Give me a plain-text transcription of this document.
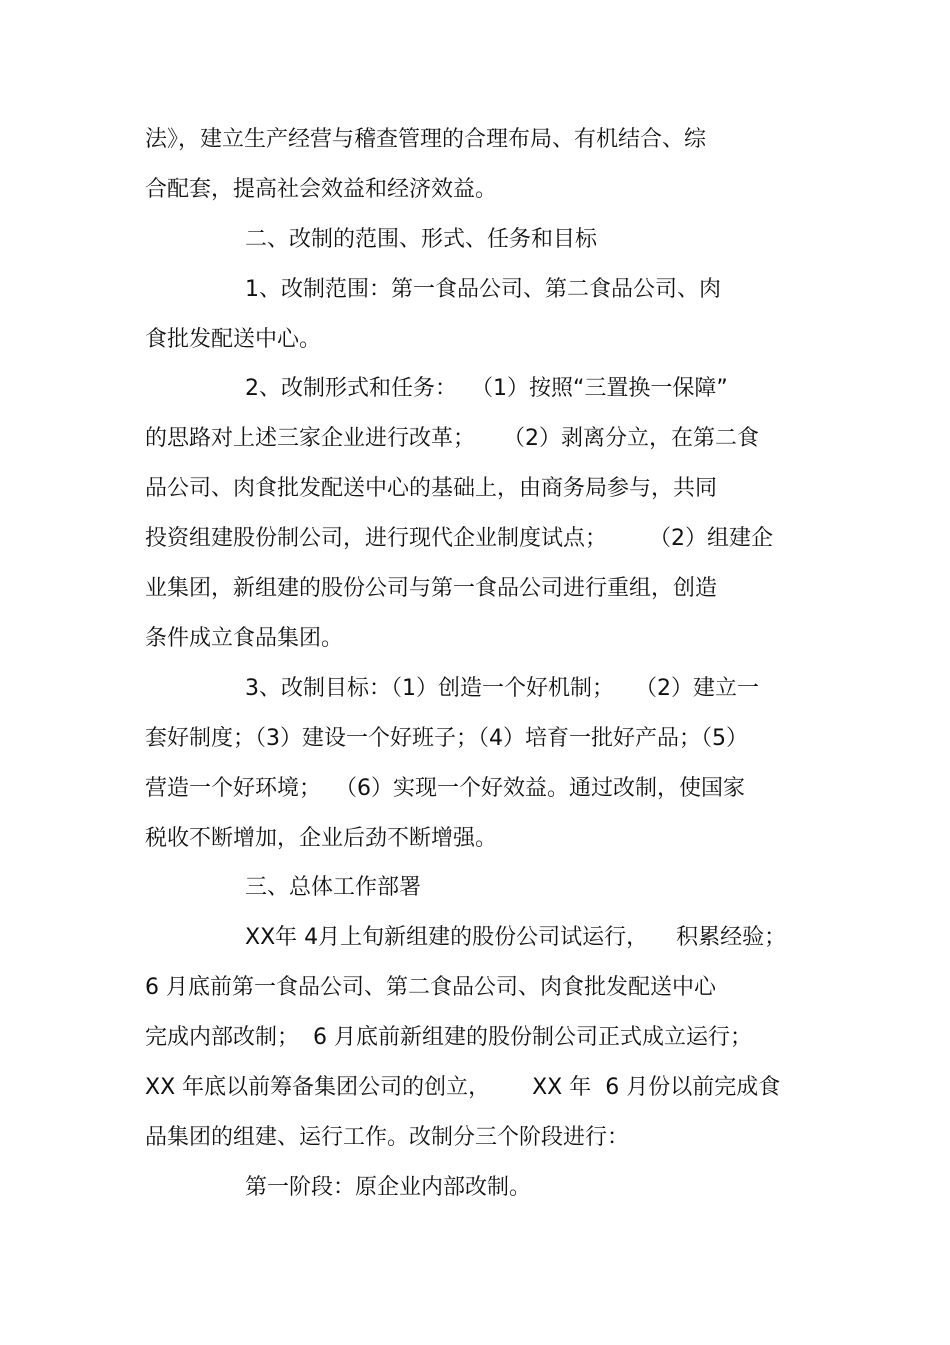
法》，建立生产经营与稽查管理的合理布局、有机结合、综
合配套，提高社会效益和经济效益。
二、改制的范围、形式、任务和目标
1、改制范围：第一食品公司、第二食品公司、肉
食批发配送中心。
2、改制形式和任务：  （1）按照“三置换一保障”
的思路对上述三家企业进行改革；    （2）剥离分立，在第二食
品公司、肉食批发配送中心的基础上，由商务局参与，共同
投资组建股份制公司，进行现代企业制度试点；      （2）组建企
业集团，新组建的股份公司与第一食品公司进行重组，创造
条件成立食品集团。
3、改制目标：（1）创造一个好机制；   （2）建立一
套好制度；（3）建设一个好班子；（4）培育一批好产品；（5）
营造一个好环境；  （6）实现一个好效益。通过改制，使国家
税收不断增加，企业后劲不断增强。
三、总体工作部署
XX年 4月上旬新组建的股份公司试运行，    积累经验；
6 月底前第一食品公司、第二食品公司、肉食批发配送中心
完成内部改制；  6 月底前新组建的股份制公司正式成立运行；
XX 年底以前筹备集团公司的创立，      XX 年  6 月份以前完成食
品集团的组建、运行工作。改制分三个阶段进行：
第一阶段：原企业内部改制。
